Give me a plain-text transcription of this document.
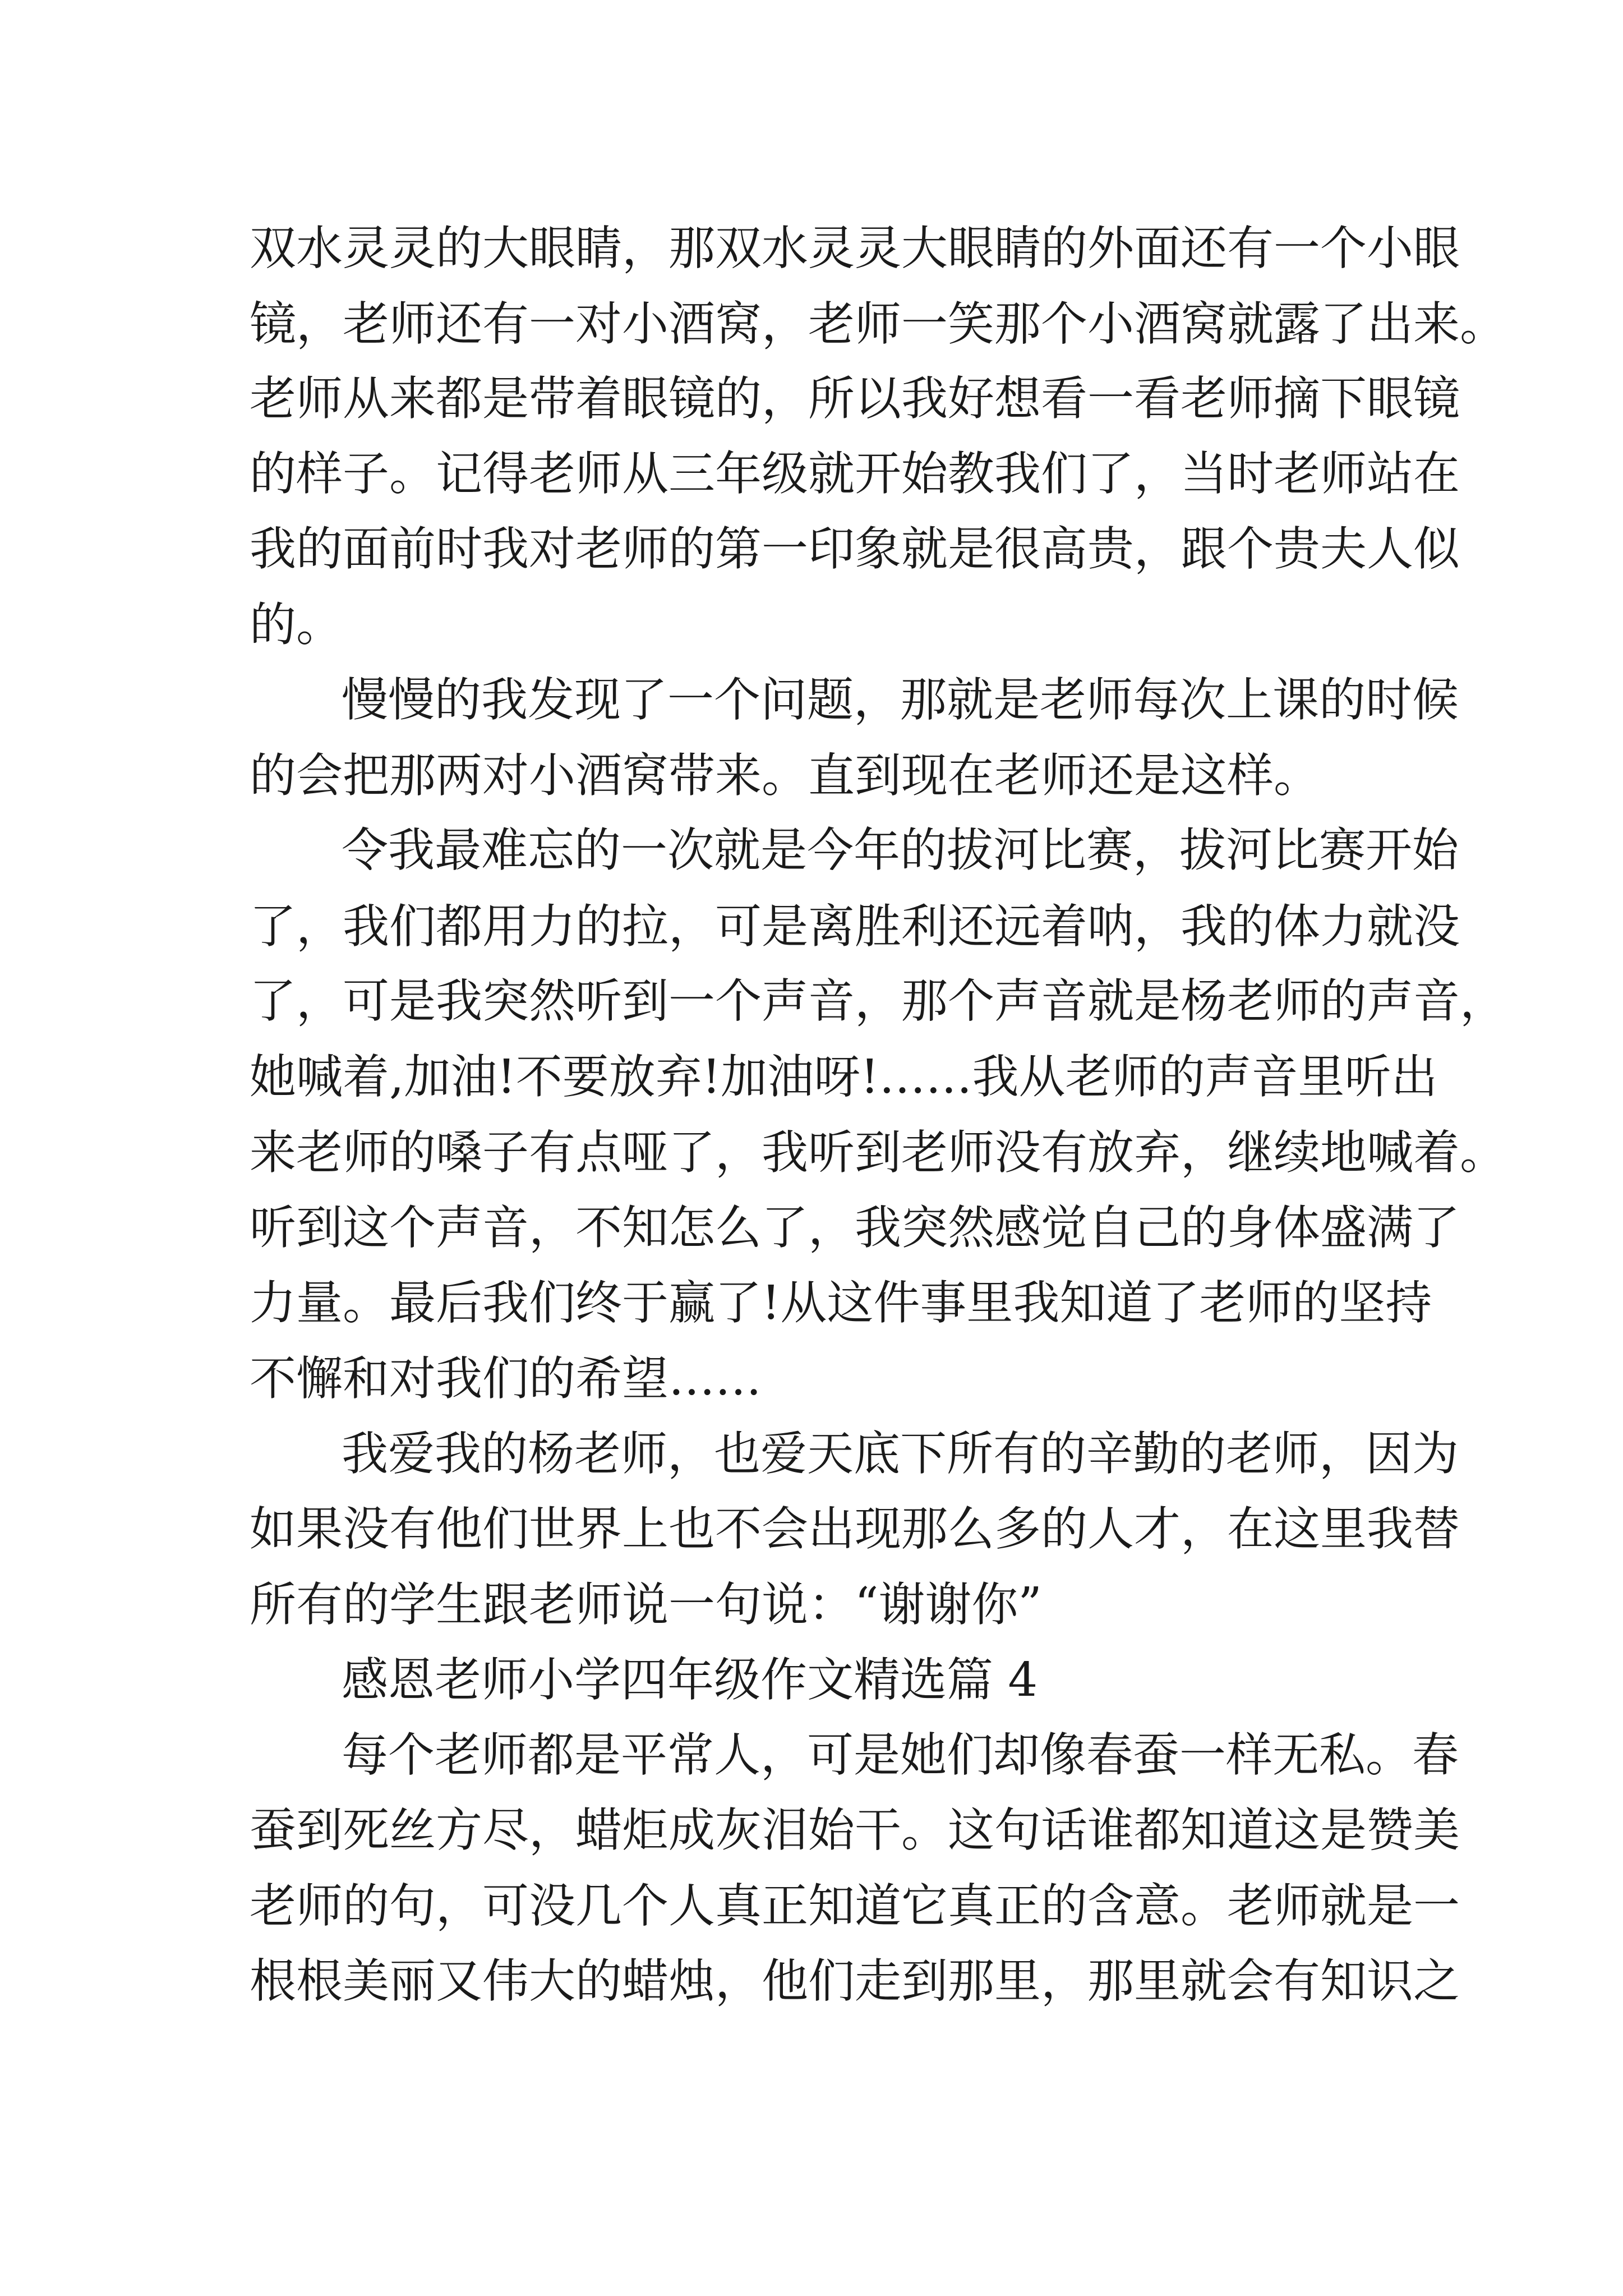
双水灵灵的大眼睛，那双水灵灵大眼睛的外面还有一个小眼
镜，老师还有一对小酒窝，老师一笑那个小酒窝就露了出来。
老师从来都是带着眼镜的，所以我好想看一看老师摘下眼镜
的样子。记得老师从三年级就开始教我们了，当时老师站在
我的面前时我对老师的第一印象就是很高贵，跟个贵夫人似
的。
慢慢的我发现了一个问题，那就是老师每次上课的时候
的会把那两对小酒窝带来。直到现在老师还是这样。
令我最难忘的一次就是今年的拔河比赛，拔河比赛开始
了，我们都用力的拉，可是离胜利还远着呐，我的体力就没
了，可是我突然听到一个声音，那个声音就是杨老师的声音，
她喊着,加油!不要放弃!加油呀!……我从老师的声音里听出
来老师的嗓子有点哑了，我听到老师没有放弃，继续地喊着。
听到这个声音，不知怎么了，我突然感觉自己的身体盛满了
力量。最后我们终于赢了!从这件事里我知道了老师的坚持
不懈和对我们的希望……
我爱我的杨老师，也爱天底下所有的辛勤的老师，因为
如果没有他们世界上也不会出现那么多的人才，在这里我替
所有的学生跟老师说一句说：“谢谢你”
感恩老师小学四年级作文精选篇 4
每个老师都是平常人，可是她们却像春蚕一样无私。春
蚕到死丝方尽，蜡炬成灰泪始干。这句话谁都知道这是赞美
老师的句，可没几个人真正知道它真正的含意。老师就是一
根根美丽又伟大的蜡烛，他们走到那里，那里就会有知识之
